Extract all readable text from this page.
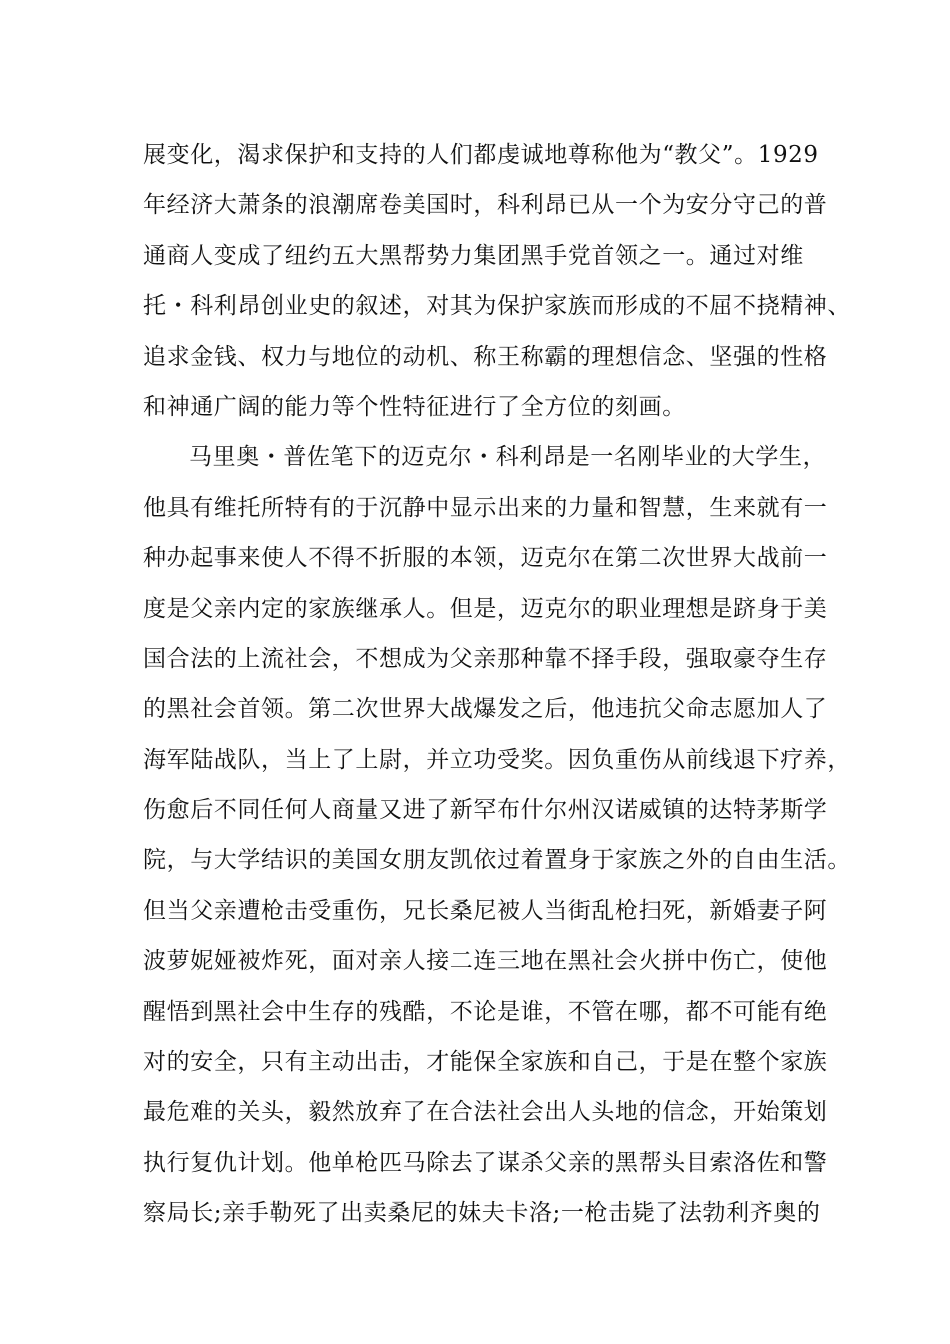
展变化，渴求保护和支持的人们都虔诚地尊称他为“教父”。1929
年经济大萧条的浪潮席卷美国时，科利昂已从一个为安分守己的普
通商人变成了纽约五大黑帮势力集团黑手党首领之一。通过对维
托・科利昂创业史的叙述，对其为保护家族而形成的不屈不挠精神、
追求金钱、权力与地位的动机、称王称霸的理想信念、坚强的性格
和神通广阔的能力等个性特征进行了全方位的刻画。
马里奥・普佐笔下的迈克尔・科利昂是一名刚毕业的大学生，
他具有维托所特有的于沉静中显示出来的力量和智慧，生来就有一
种办起事来使人不得不折服的本领，迈克尔在第二次世界大战前一
度是父亲内定的家族继承人。但是，迈克尔的职业理想是跻身于美
国合法的上流社会，不想成为父亲那种靠不择手段，强取豪夺生存
的黑社会首领。第二次世界大战爆发之后，他违抗父命志愿加人了
海军陆战队，当上了上尉，并立功受奖。因负重伤从前线退下疗养，
伤愈后不同任何人商量又进了新罕布什尔州汉诺威镇的达特茅斯学
院，与大学结识的美国女朋友凯依过着置身于家族之外的自由生活。
但当父亲遭枪击受重伤，兄长桑尼被人当街乱枪扫死，新婚妻子阿
波萝妮娅被炸死，面对亲人接二连三地在黑社会火拼中伤亡，使他
醒悟到黑社会中生存的残酷，不论是谁，不管在哪，都不可能有绝
对的安全，只有主动出击，才能保全家族和自己，于是在整个家族
最危难的关头，毅然放弃了在合法社会出人头地的信念，开始策划
执行复仇计划。他单枪匹马除去了谋杀父亲的黑帮头目索洛佐和警
察局长;亲手勒死了出卖桑尼的妹夫卡洛;一枪击毙了法勃利齐奥的
